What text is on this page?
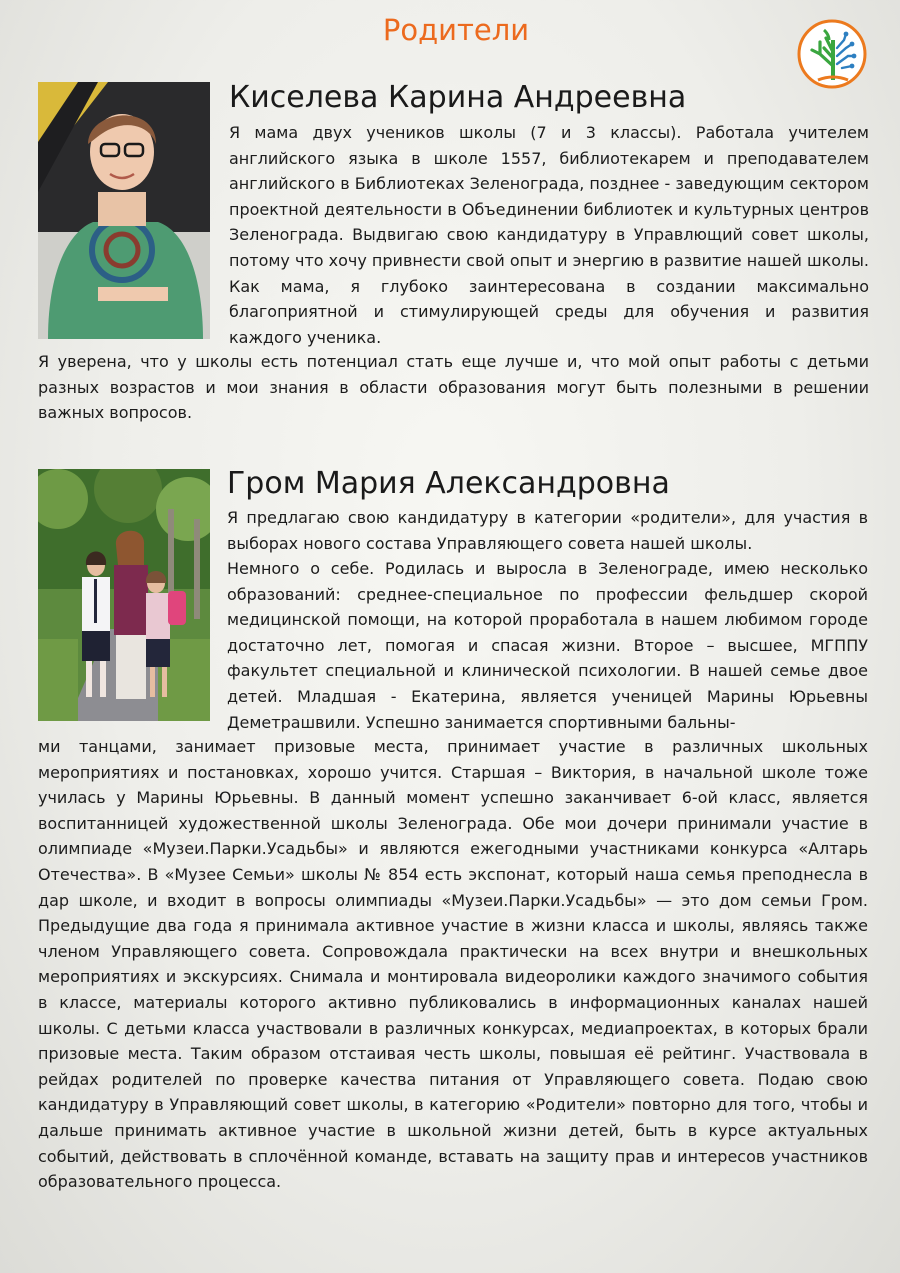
Родители
Киселева Карина Андреевна

Я мама двух учеников школы (7 и 3 классы). Работала учителем английского языка в школе 1557, библиотекарем и преподавателем английского в Библиотеках Зеленограда, позднее - заведующим сектором проектной деятельности в Объединении библиотек и культурных центров Зеленограда. Выдвигаю свою кандидатуру в Управлющий совет школы, потому что хочу привнести свой опыт и энергию в развитие нашей школы. Как мама, я глубоко заинтересована в создании максимально благоприятной и стимулирующей среды для обучения и развития каждого ученика.

Я уверена, что у школы есть потенциал стать еще лучше и, что мой опыт работы с детьми разных возрастов и мои знания в области образования могут быть полезными в решении важных вопросов.

Гром Мария Александровна

Я предлагаю свою кандидатуру в категории «родители», для участия в выборах нового состава Управляющего совета нашей школы.

Немного о себе. Родилась и выросла в Зеленограде, имею несколько образований: среднее-специальное по профессии фельдшер скорой медицинской помощи, на которой проработала в нашем любимом городе достаточно лет, помогая и спасая жизни. Второе – высшее, МГППУ факультет специальной и клинической психологии. В нашей семье двое детей. Младшая - Екатерина, является ученицей Марины Юрьевны Деметрашвили. Успешно занимается спортивными бальны-

ми танцами, занимает призовые места, принимает участие в различных школьных мероприятиях и постановках, хорошо учится. Старшая – Виктория, в начальной школе тоже училась у Марины Юрьевны. В данный момент успешно заканчивает 6-ой класс, является воспитанницей художественной школы Зеленограда. Обе мои дочери принимали участие в олимпиаде «Музеи.Парки.Усадьбы» и являются ежегодными участниками конкурса «Алтарь Отечества». В «Музее Семьи» школы № 854 есть экспонат, который наша семья преподнесла в дар школе, и входит в вопросы олимпиады «Музеи.Парки.Усадьбы» — это дом семьи Гром. Предыдущие два года я принимала активное участие в жизни класса и школы, являясь также членом Управляющего совета. Сопровождала практически на всех внутри и внешкольных мероприятиях и экскурсиях. Снимала и монтировала видеоролики каждого значимого события в классе, материалы которого активно публиковались в информационных каналах нашей школы. С детьми класса участвовали в различных конкурсах, медиапроектах, в которых брали призовые места. Таким образом отстаивая честь школы, повышая её рейтинг. Участвовала в рейдах родителей по проверке качества питания от Управляющего совета. Подаю свою кандидатуру в Управляющий совет школы, в категорию «Родители» повторно для того, чтобы и дальше принимать активное участие в школьной жизни детей, быть в курсе актуальных событий, действовать в сплочённой команде, вставать на защиту прав и интересов участников образовательного процесса.
